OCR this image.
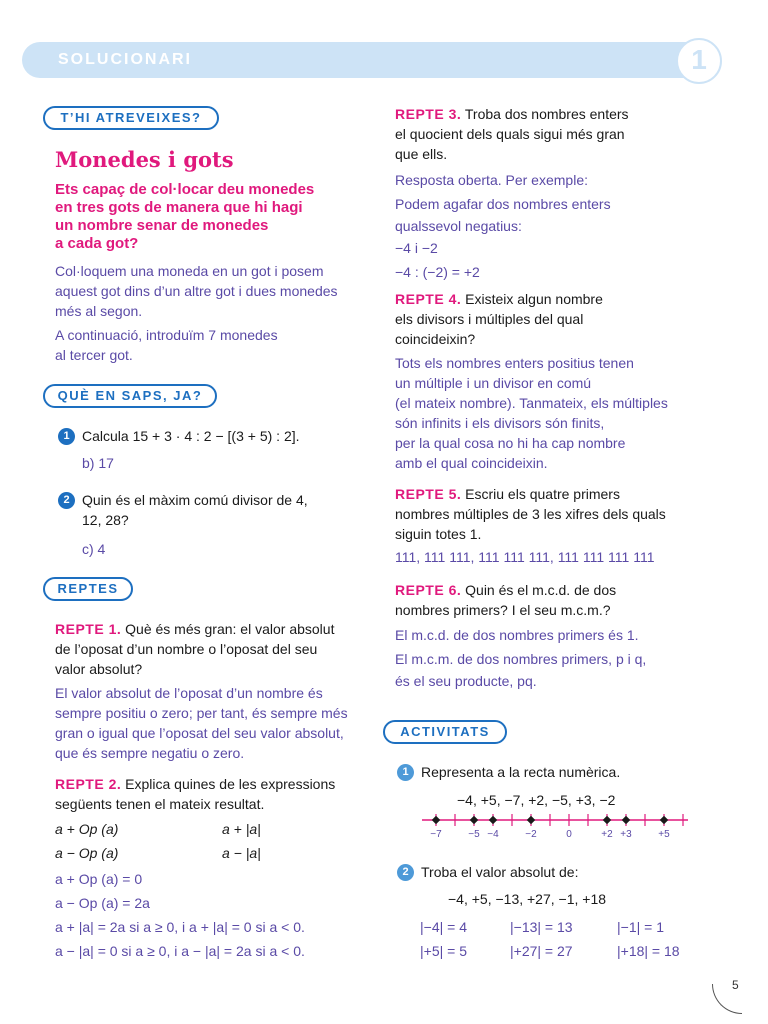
SOLUCIONARI	1
T’HI ATREVEIXES?
Monedes i gots
Ets capaç de col·locar deu monedes
en tres gots de manera que hi hagi
un nombre senar de monedes
a cada got?
Col·loquem una moneda en un got i posem
aquest got dins d’un altre got i dues monedes
més al segon.
A continuació, introduïm 7 monedes
al tercer got.
QUÈ EN SAPS, JA?
1 Calcula 15 + 3 · 4 : 2 − [(3 + 5) : 2].
b) 17
2 Quin és el màxim comú divisor de 4,
12, 28?
c) 4
REPTES
REPTE 1. Què és més gran: el valor absolut
de l’oposat d’un nombre o l’oposat del seu
valor absolut?
El valor absolut de l’oposat d’un nombre és
sempre positiu o zero; per tant, és sempre més
gran o igual que l’oposat del seu valor absolut,
que és sempre negatiu o zero.
REPTE 2. Explica quines de les expressions
següents tenen el mateix resultat.
a + Op (a)	a + |a|
a − Op (a)	a − |a|
a + Op (a) = 0
a − Op (a) = 2a
a + |a| = 2a si a ≥ 0, i a + |a| = 0 si a < 0.
a − |a| = 0 si a ≥ 0, i a − |a| = 2a si a < 0.
REPTE 3. Troba dos nombres enters
el quocient dels quals sigui més gran
que ells.
Resposta oberta. Per exemple:
Podem agafar dos nombres enters
qualssevol negatius:
−4 i −2
−4 : (−2) = +2
REPTE 4. Existeix algun nombre
els divisors i múltiples del qual
coincideixin?
Tots els nombres enters positius tenen
un múltiple i un divisor en comú
(el mateix nombre). Tanmateix, els múltiples
són infinits i els divisors són finits,
per la qual cosa no hi ha cap nombre
amb el qual coincideixin.
REPTE 5. Escriu els quatre primers
nombres múltiples de 3 les xifres dels quals
siguin totes 1.
111, 111 111, 111 111 111, 111 111 111 111
REPTE 6. Quin és el m.c.d. de dos
nombres primers? I el seu m.c.m.?
El m.c.d. de dos nombres primers és 1.
El m.c.m. de dos nombres primers, p i q,
és el seu producte, pq.
ACTIVITATS
1 Representa a la recta numèrica.
−4, +5, −7, +2, −5, +3, −2
−7	−5 −4	−2	0	+2 +3	+5
2 Troba el valor absolut de:
−4, +5, −13, +27, −1, +18
|−4| = 4	|−13| = 13	|−1| = 1
|+5| = 5	|+27| = 27	|+18| = 18
5
